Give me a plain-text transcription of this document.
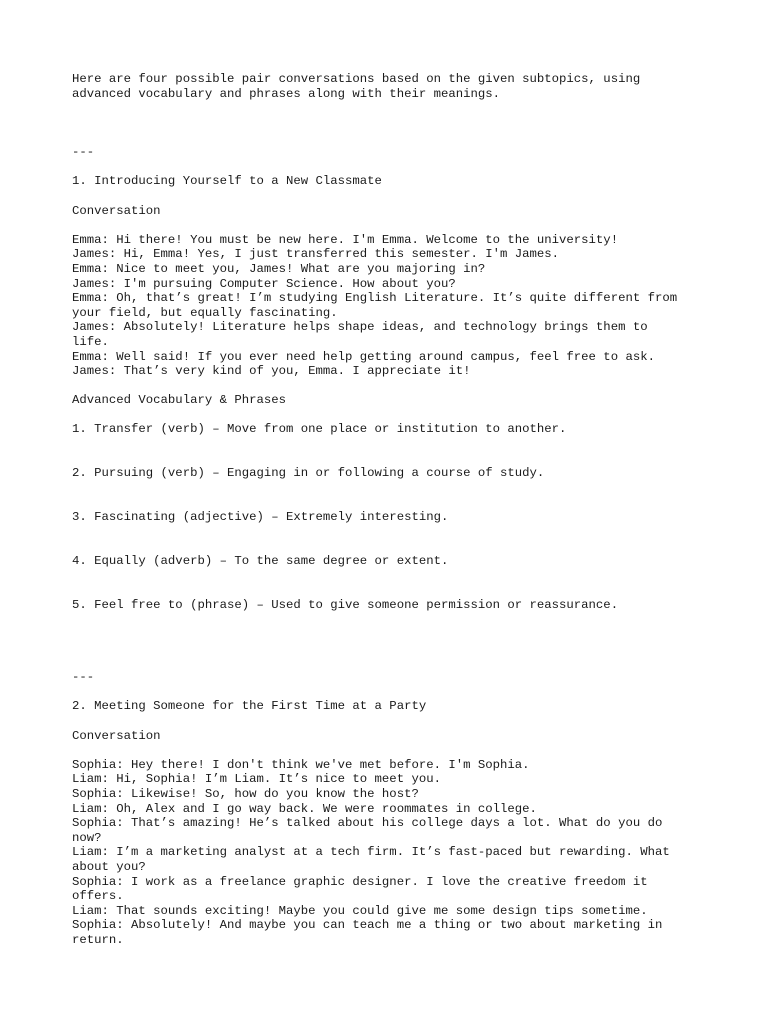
Here are four possible pair conversations based on the given subtopics, using
advanced vocabulary and phrases along with their meanings.
---
1. Introducing Yourself to a New Classmate
Conversation
Emma: Hi there! You must be new here. I'm Emma. Welcome to the university!
James: Hi, Emma! Yes, I just transferred this semester. I'm James.
Emma: Nice to meet you, James! What are you majoring in?
James: I'm pursuing Computer Science. How about you?
Emma: Oh, that’s great! I’m studying English Literature. It’s quite different from
your field, but equally fascinating.
James: Absolutely! Literature helps shape ideas, and technology brings them to
life.
Emma: Well said! If you ever need help getting around campus, feel free to ask.
James: That’s very kind of you, Emma. I appreciate it!
Advanced Vocabulary & Phrases
1. Transfer (verb) – Move from one place or institution to another.
2. Pursuing (verb) – Engaging in or following a course of study.
3. Fascinating (adjective) – Extremely interesting.
4. Equally (adverb) – To the same degree or extent.
5. Feel free to (phrase) – Used to give someone permission or reassurance.
---
2. Meeting Someone for the First Time at a Party
Conversation
Sophia: Hey there! I don't think we've met before. I'm Sophia.
Liam: Hi, Sophia! I’m Liam. It’s nice to meet you.
Sophia: Likewise! So, how do you know the host?
Liam: Oh, Alex and I go way back. We were roommates in college.
Sophia: That’s amazing! He’s talked about his college days a lot. What do you do
now?
Liam: I’m a marketing analyst at a tech firm. It’s fast-paced but rewarding. What
about you?
Sophia: I work as a freelance graphic designer. I love the creative freedom it
offers.
Liam: That sounds exciting! Maybe you could give me some design tips sometime.
Sophia: Absolutely! And maybe you can teach me a thing or two about marketing in
return.
